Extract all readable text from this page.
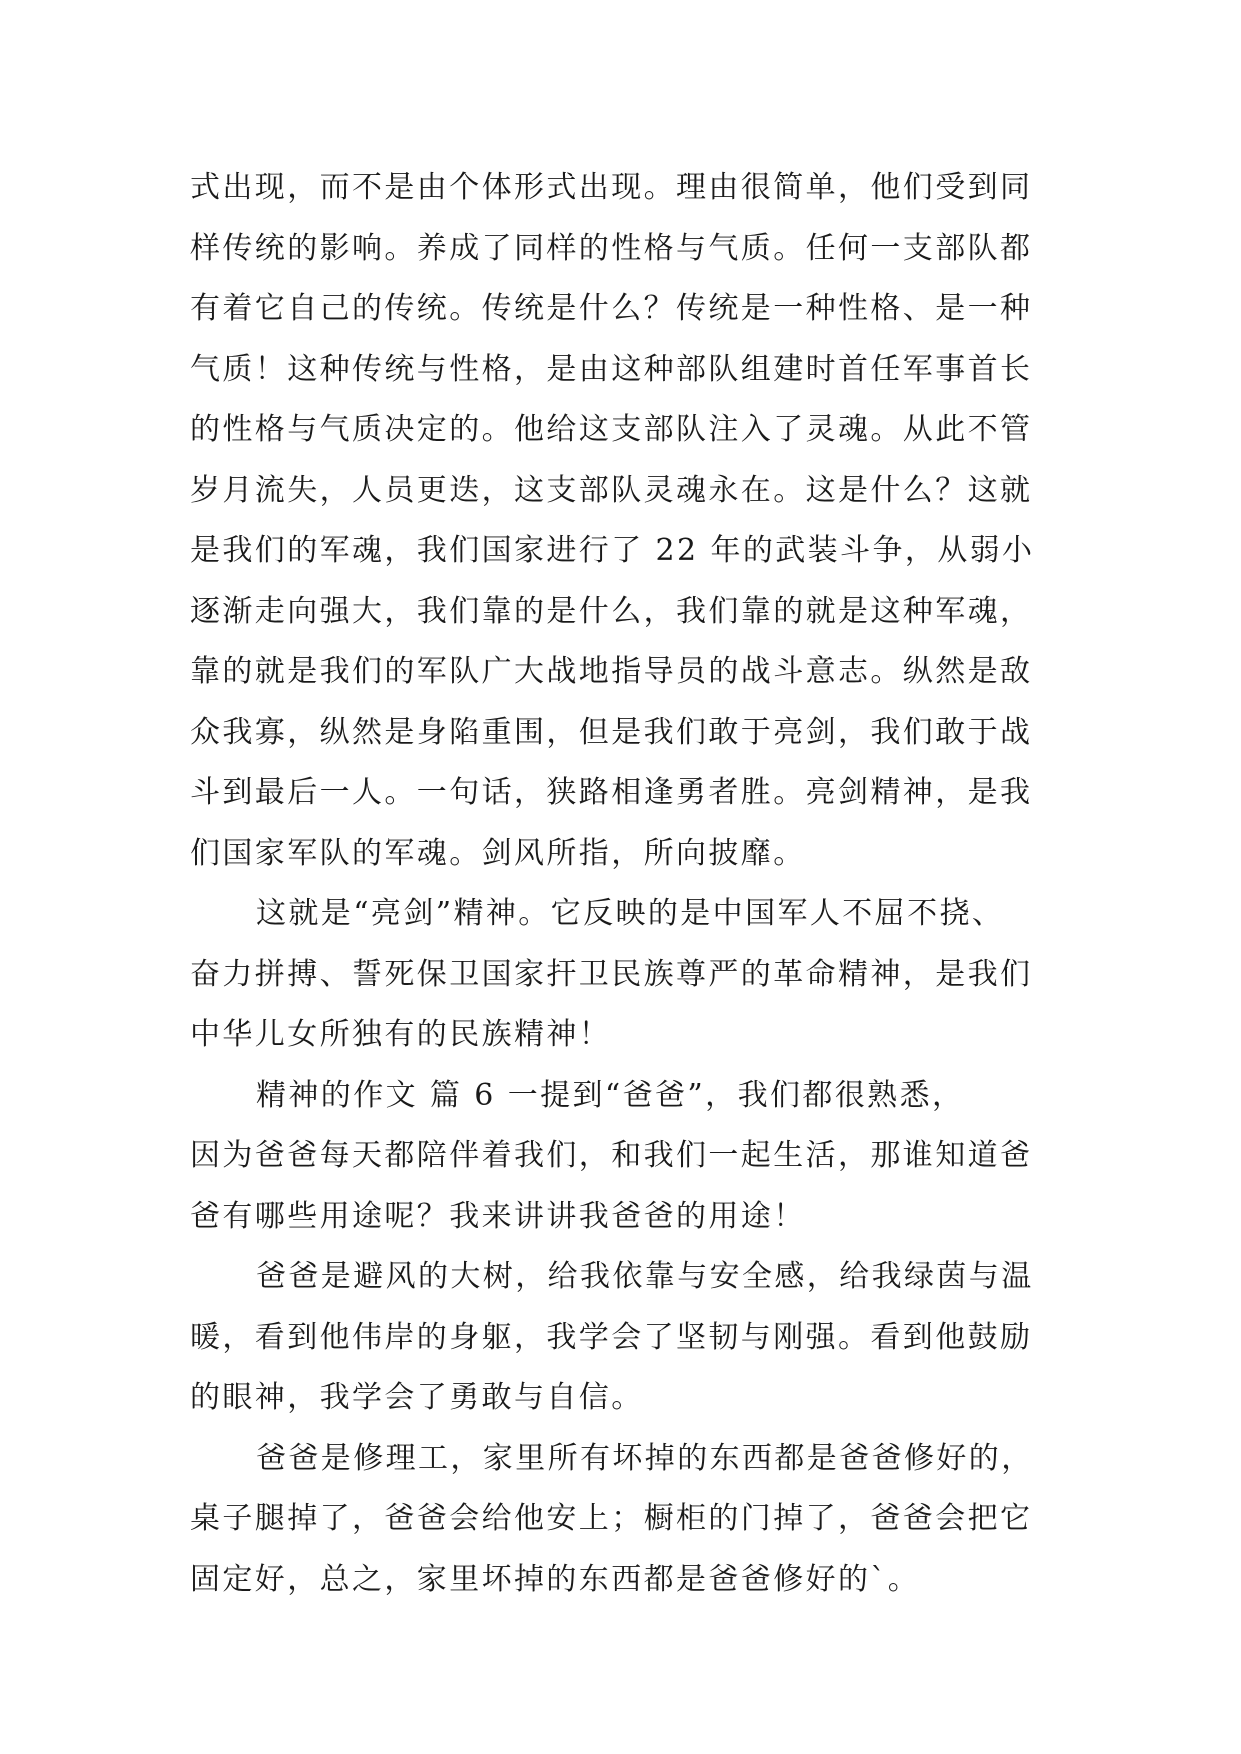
式出现，而不是由个体形式出现。理由很简单，他们受到同
样传统的影响。养成了同样的性格与气质。任何一支部队都
有着它自己的传统。传统是什么？传统是一种性格、是一种
气质！这种传统与性格，是由这种部队组建时首任军事首长
的性格与气质决定的。他给这支部队注入了灵魂。从此不管
岁月流失，人员更迭，这支部队灵魂永在。这是什么？这就
是我们的军魂，我们国家进行了 22 年的武装斗争，从弱小
逐渐走向强大，我们靠的是什么，我们靠的就是这种军魂，
靠的就是我们的军队广大战地指导员的战斗意志。纵然是敌
众我寡，纵然是身陷重围，但是我们敢于亮剑，我们敢于战
斗到最后一人。一句话，狭路相逢勇者胜。亮剑精神，是我
们国家军队的军魂。剑风所指，所向披靡。
这就是“亮剑”精神。它反映的是中国军人不屈不挠、
奋力拼搏、誓死保卫国家扞卫民族尊严的革命精神，是我们
中华儿女所独有的民族精神！
精神的作文 篇 6 一提到“爸爸”，我们都很熟悉，
因为爸爸每天都陪伴着我们，和我们一起生活，那谁知道爸
爸有哪些用途呢？我来讲讲我爸爸的用途！
爸爸是避风的大树，给我依靠与安全感，给我绿茵与温
暖，看到他伟岸的身躯，我学会了坚韧与刚强。看到他鼓励
的眼神，我学会了勇敢与自信。
爸爸是修理工，家里所有坏掉的东西都是爸爸修好的，
桌子腿掉了，爸爸会给他安上；橱柜的门掉了，爸爸会把它
固定好，总之，家里坏掉的东西都是爸爸修好的`。
